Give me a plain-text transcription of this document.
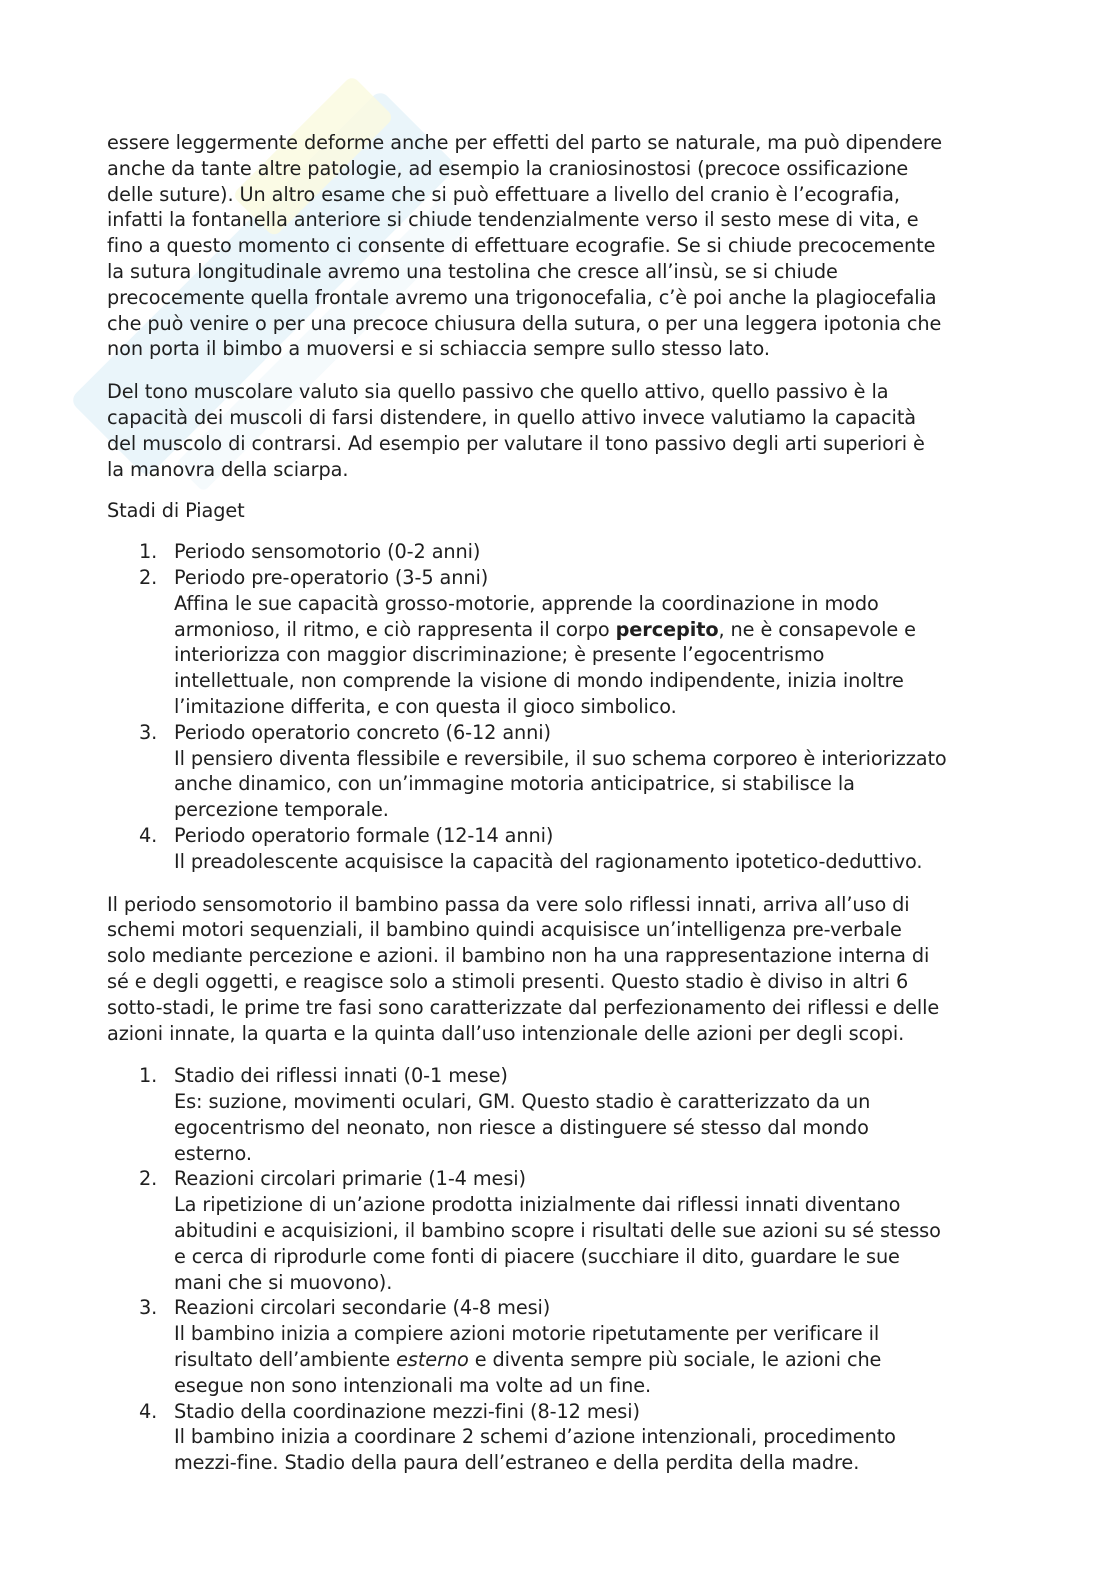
essere leggermente deforme anche per effetti del parto se naturale, ma può dipendere
anche da tante altre patologie, ad esempio la craniosinostosi (precoce ossificazione
delle suture). Un altro esame che si può effettuare a livello del cranio è l’ecografia,
infatti la fontanella anteriore si chiude tendenzialmente verso il sesto mese di vita, e
fino a questo momento ci consente di effettuare ecografie. Se si chiude precocemente
la sutura longitudinale avremo una testolina che cresce all’insù, se si chiude
precocemente quella frontale avremo una trigonocefalia, c’è poi anche la plagiocefalia
che può venire o per una precoce chiusura della sutura, o per una leggera ipotonia che
non porta il bimbo a muoversi e si schiaccia sempre sullo stesso lato.

Del tono muscolare valuto sia quello passivo che quello attivo, quello passivo è la
capacità dei muscoli di farsi distendere, in quello attivo invece valutiamo la capacità
del muscolo di contrarsi. Ad esempio per valutare il tono passivo degli arti superiori è
la manovra della sciarpa.

Stadi di Piaget

1. Periodo sensomotorio (0-2 anni)
2. Periodo pre-operatorio (3-5 anni)
Affina le sue capacità grosso-motorie, apprende la coordinazione in modo
armonioso, il ritmo, e ciò rappresenta il corpo percepito, ne è consapevole e
interiorizza con maggior discriminazione; è presente l’egocentrismo
intellettuale, non comprende la visione di mondo indipendente, inizia inoltre
l’imitazione differita, e con questa il gioco simbolico.
3. Periodo operatorio concreto (6-12 anni)
Il pensiero diventa flessibile e reversibile, il suo schema corporeo è interiorizzato
anche dinamico, con un’immagine motoria anticipatrice, si stabilisce la
percezione temporale.
4. Periodo operatorio formale (12-14 anni)
Il preadolescente acquisisce la capacità del ragionamento ipotetico-deduttivo.

Il periodo sensomotorio il bambino passa da vere solo riflessi innati, arriva all’uso di
schemi motori sequenziali, il bambino quindi acquisisce un’intelligenza pre-verbale
solo mediante percezione e azioni. il bambino non ha una rappresentazione interna di
sé e degli oggetti, e reagisce solo a stimoli presenti. Questo stadio è diviso in altri 6
sotto-stadi, le prime tre fasi sono caratterizzate dal perfezionamento dei riflessi e delle
azioni innate, la quarta e la quinta dall’uso intenzionale delle azioni per degli scopi.

1. Stadio dei riflessi innati (0-1 mese)
Es: suzione, movimenti oculari, GM. Questo stadio è caratterizzato da un
egocentrismo del neonato, non riesce a distinguere sé stesso dal mondo
esterno.
2. Reazioni circolari primarie (1-4 mesi)
La ripetizione di un’azione prodotta inizialmente dai riflessi innati diventano
abitudini e acquisizioni, il bambino scopre i risultati delle sue azioni su sé stesso
e cerca di riprodurle come fonti di piacere (succhiare il dito, guardare le sue
mani che si muovono).
3. Reazioni circolari secondarie (4-8 mesi)
Il bambino inizia a compiere azioni motorie ripetutamente per verificare il
risultato dell’ambiente esterno e diventa sempre più sociale, le azioni che
esegue non sono intenzionali ma volte ad un fine.
4. Stadio della coordinazione mezzi-fini (8-12 mesi)
Il bambino inizia a coordinare 2 schemi d’azione intenzionali, procedimento
mezzi-fine. Stadio della paura dell’estraneo e della perdita della madre.
